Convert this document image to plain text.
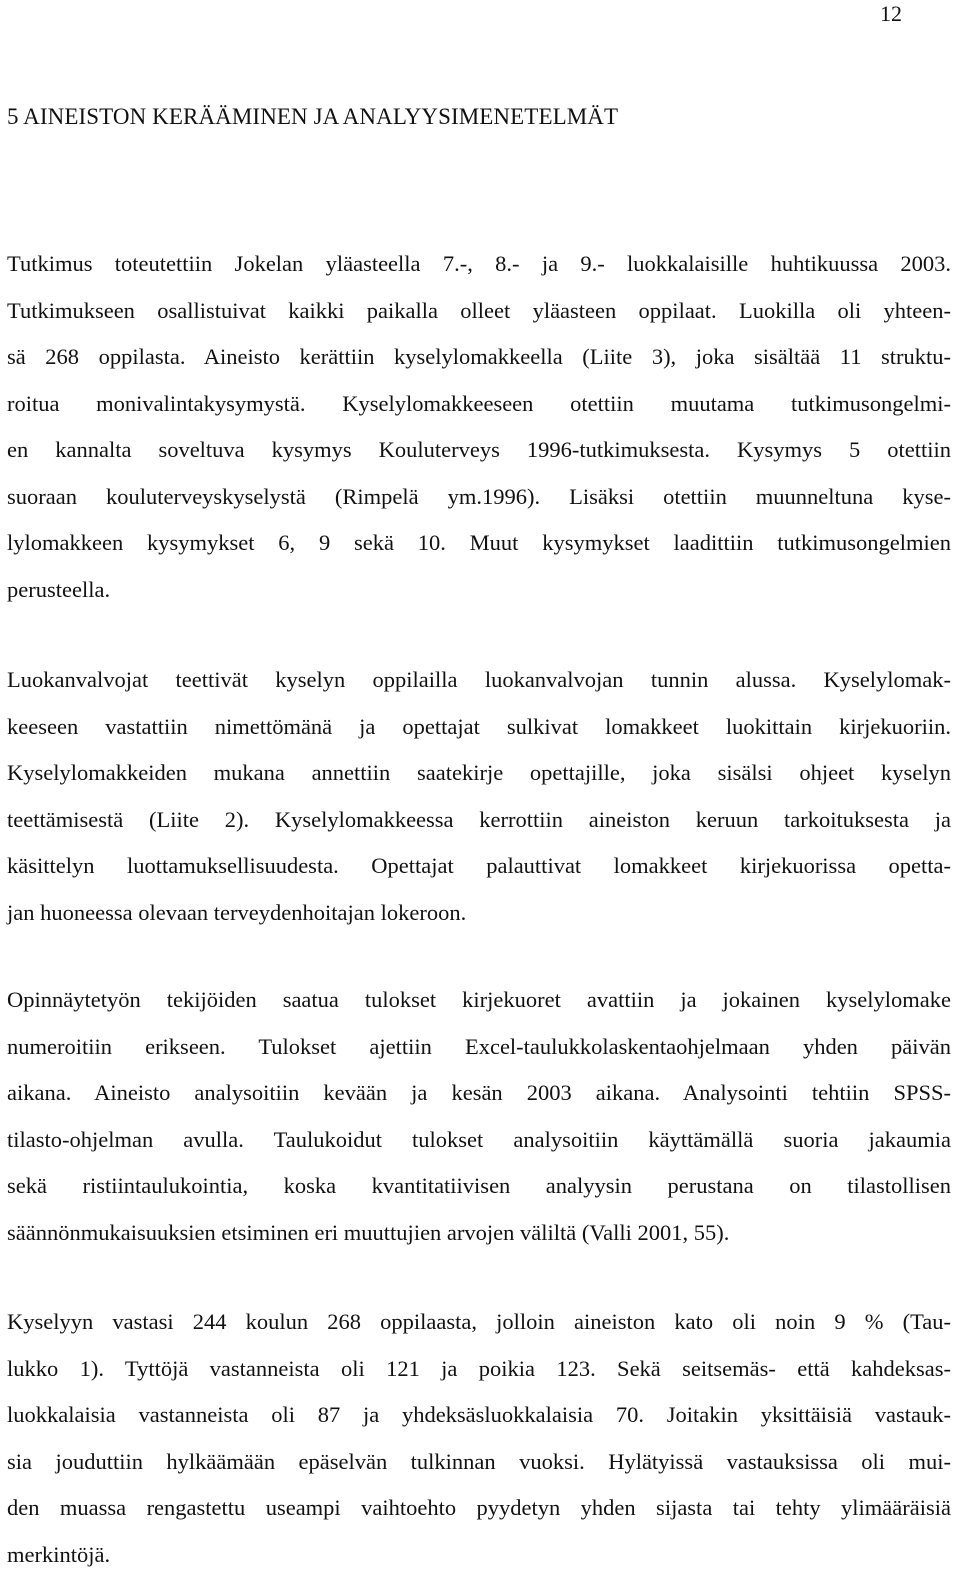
12
5 AINEISTON KERÄÄMINEN JA ANALYYSIMENETELMÄT
Tutkimus toteutettiin Jokelan yläasteella 7.-, 8.- ja 9.- luokkalaisille huhtikuussa 2003.
Tutkimukseen osallistuivat kaikki paikalla olleet yläasteen oppilaat. Luokilla oli yhteen-
sä 268 oppilasta. Aineisto kerättiin kyselylomakkeella (Liite 3), joka sisältää 11 struktu-
roitua monivalintakysymystä. Kyselylomakkeeseen otettiin muutama tutkimusongelmi-
en kannalta soveltuva kysymys Kouluterveys 1996-tutkimuksesta. Kysymys 5 otettiin
suoraan kouluterveyskyselystä (Rimpelä ym.1996). Lisäksi otettiin muunneltuna kyse-
lylomakkeen kysymykset 6, 9 sekä 10. Muut kysymykset laadittiin tutkimusongelmien
perusteella.
Luokanvalvojat teettivät kyselyn oppilailla luokanvalvojan tunnin alussa. Kyselylomak-
keeseen vastattiin nimettömänä ja opettajat sulkivat lomakkeet luokittain kirjekuoriin.
Kyselylomakkeiden mukana annettiin saatekirje opettajille, joka sisälsi ohjeet kyselyn
teettämisestä (Liite 2). Kyselylomakkeessa kerrottiin aineiston keruun tarkoituksesta ja
käsittelyn luottamuksellisuudesta. Opettajat palauttivat lomakkeet kirjekuorissa opetta-
jan huoneessa olevaan terveydenhoitajan lokeroon.
Opinnäytetyön tekijöiden saatua tulokset kirjekuoret avattiin ja jokainen kyselylomake
numeroitiin erikseen. Tulokset ajettiin Excel-taulukkolaskentaohjelmaan yhden päivän
aikana. Aineisto analysoitiin kevään ja kesän 2003 aikana. Analysointi tehtiin SPSS-
tilasto-ohjelman avulla. Taulukoidut tulokset analysoitiin käyttämällä suoria jakaumia
sekä ristiintaulukointia, koska kvantitatiivisen analyysin perustana on tilastollisen
säännönmukaisuuksien etsiminen eri muuttujien arvojen väliltä (Valli 2001, 55).
Kyselyyn vastasi 244 koulun 268 oppilaasta, jolloin aineiston kato oli noin 9 % (Tau-
lukko 1). Tyttöjä vastanneista oli 121 ja poikia 123. Sekä seitsemäs- että kahdeksas-
luokkalaisia vastanneista oli 87 ja yhdeksäsluokkalaisia 70. Joitakin yksittäisiä vastauk-
sia jouduttiin hylkäämään epäselvän tulkinnan vuoksi. Hylätyissä vastauksissa oli mui-
den muassa rengastettu useampi vaihtoehto pyydetyn yhden sijasta tai tehty ylimääräisiä
merkintöjä.
